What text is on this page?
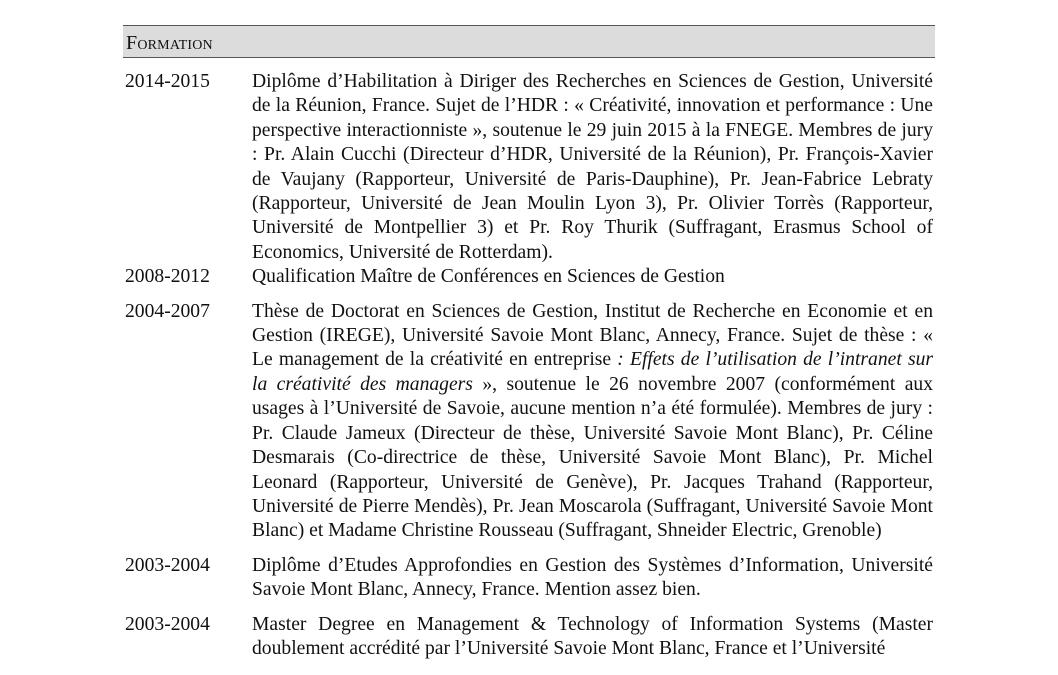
Formation
2014-2015	Diplôme d’Habilitation à Diriger des Recherches en Sciences de Gestion, Université de la Réunion, France. Sujet de l’HDR : « Créativité, innovation et performance : Une perspective interactionniste », soutenue le 29 juin 2015 à la FNEGE. Membres de jury : Pr. Alain Cucchi (Directeur d’HDR, Université de la Réunion), Pr. François-Xavier de Vaujany (Rapporteur, Université de Paris-Dauphine), Pr. Jean-Fabrice Lebraty (Rapporteur, Université de Jean Moulin Lyon 3), Pr. Olivier Torrès (Rapporteur, Université de Montpellier 3) et Pr. Roy Thurik (Suffragant, Erasmus School of Economics, Université de Rotterdam).
2008-2012	Qualification Maître de Conférences en Sciences de Gestion
2004-2007	Thèse de Doctorat en Sciences de Gestion, Institut de Recherche en Economie et en Gestion (IREGE), Université Savoie Mont Blanc, Annecy, France. Sujet de thèse : « Le management de la créativité en entreprise : Effets de l’utilisation de l’intranet sur la créativité des managers », soutenue le 26 novembre 2007 (conformément aux usages à l’Université de Savoie, aucune mention n’a été formulée). Membres de jury : Pr. Claude Jameux (Directeur de thèse, Université Savoie Mont Blanc), Pr. Céline Desmarais (Co-directrice de thèse, Université Savoie Mont Blanc), Pr. Michel Leonard (Rapporteur, Université de Genève), Pr. Jacques Trahand (Rapporteur, Université de Pierre Mendès), Pr. Jean Moscarola (Suffragant, Université Savoie Mont Blanc) et Madame Christine Rousseau (Suffragant, Shneider Electric, Grenoble)
2003-2004	Diplôme d’Etudes Approfondies en Gestion des Systèmes d’Information, Université Savoie Mont Blanc, Annecy, France. Mention assez bien.
2003-2004	Master Degree en Management & Technology of Information Systems (Master doublement accrédité par l’Université Savoie Mont Blanc, France et l’Université
